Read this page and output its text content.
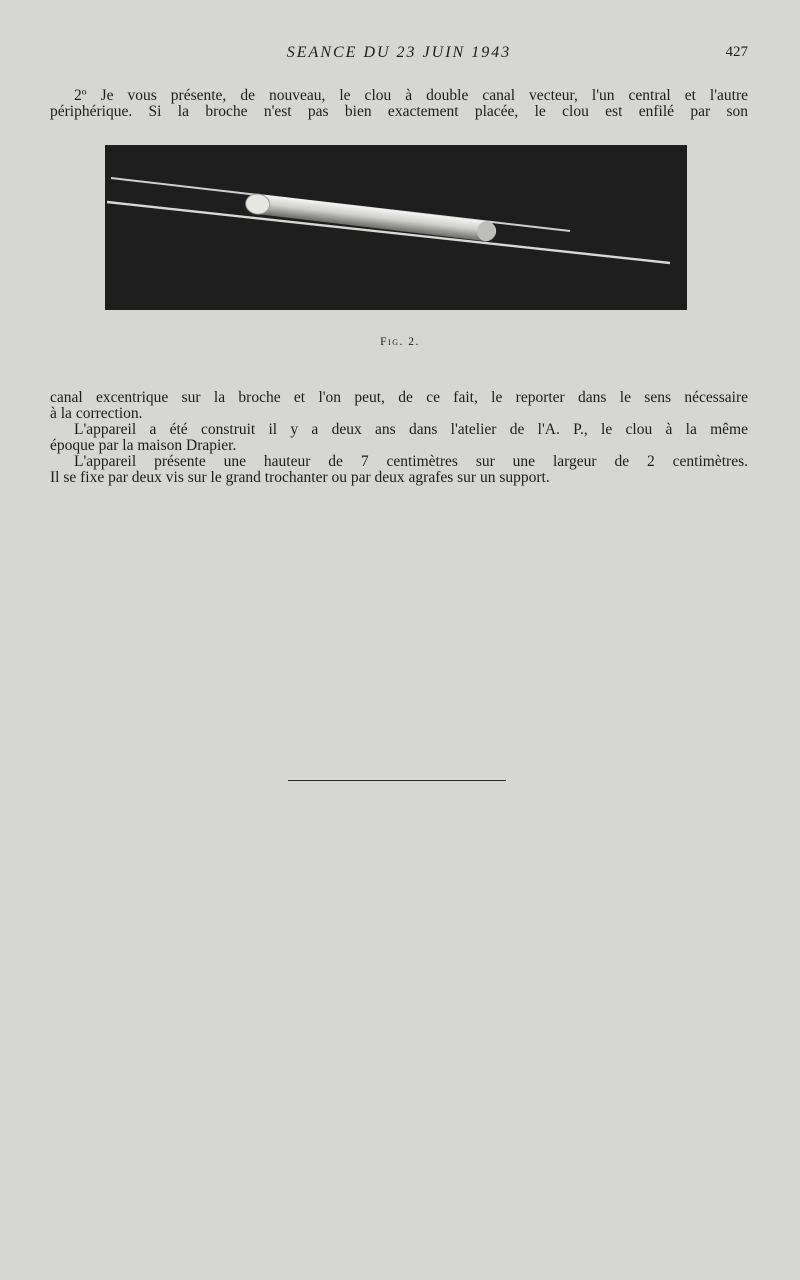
SEANCE DU 23 JUIN 1943	427

2º Je vous présente, de nouveau, le clou à double canal vecteur, l'un central et l'autre

périphérique. Si la broche n'est pas bien exactement placée, le clou est enfilé par son

Fig. 2.

canal excentrique sur la broche et l'on peut, de ce fait, le reporter dans le sens nécessaire

à la correction.

L'appareil a été construit il y a deux ans dans l'atelier de l'A. P., le clou à la même

époque par la maison Drapier.

L'appareil présente une hauteur de 7 centimètres sur une largeur de 2 centimètres.

Il se fixe par deux vis sur le grand trochanter ou par deux agrafes sur un support.
